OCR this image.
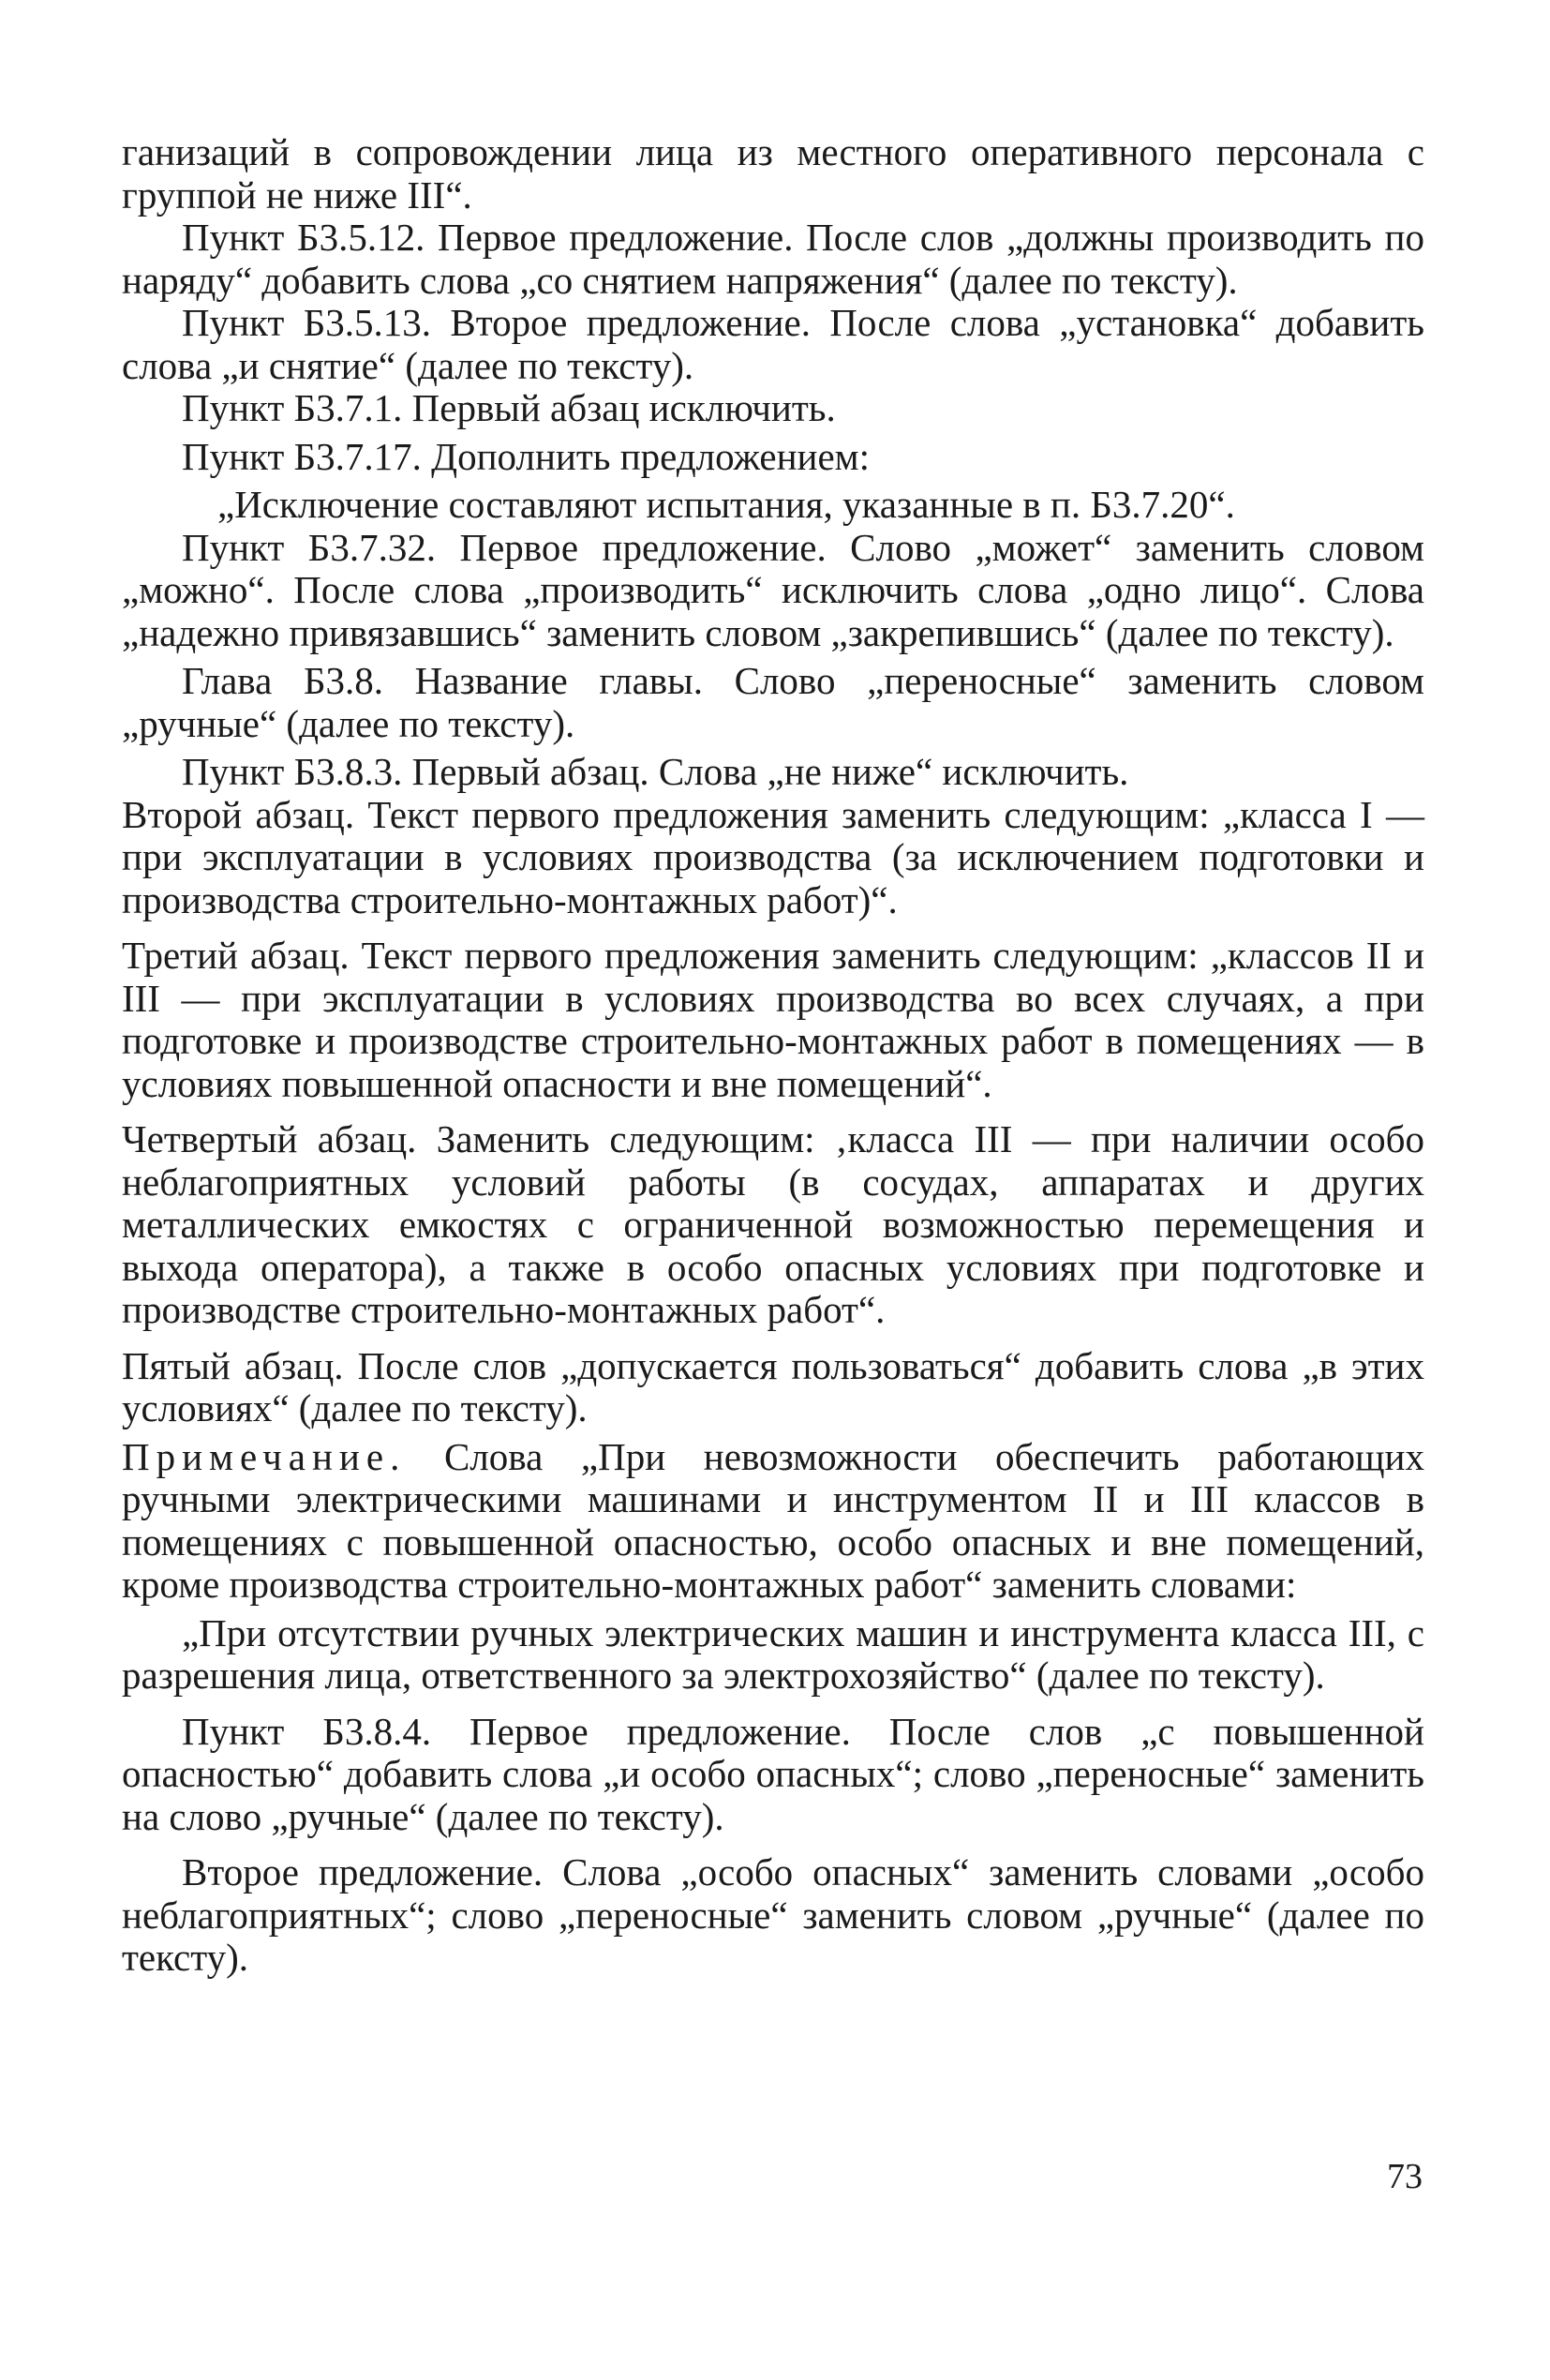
ганизаций в сопровождении лица из местного оперативного персонала с группой не ниже III“.

Пункт Б3.5.12. Первое предложение. После слов „должны производить по наряду“ добавить слова „со снятием напряжения“ (далее по тексту).

Пункт Б3.5.13. Второе предложение. После слова „установка“ добавить слова „и снятие“ (далее по тексту).

Пункт Б3.7.1. Первый абзац исключить.

Пункт Б3.7.17. Дополнить предложением:

„Исключение составляют испытания, указанные в п. Б3.7.20“.

Пункт Б3.7.32. Первое предложение. Слово „может“ заменить словом „можно“. После слова „производить“ исключить слова „одно лицо“. Слова „надежно привязавшись“ заменить словом „закрепившись“ (далее по тексту).

Глава Б3.8. Название главы. Слово „переносные“ заменить словом „ручные“ (далее по тексту).

Пункт Б3.8.3. Первый абзац. Слова „не ниже“ исключить.

Второй абзац. Текст первого предложения заменить следующим: „класса I — при эксплуатации в условиях производства (за исключением подготовки и производства строительно-монтажных работ)“.

Третий абзац. Текст первого предложения заменить следующим: „классов II и III — при эксплуатации в условиях производства во всех случаях, а при подготовке и производстве строительно-монтажных работ в помещениях — в условиях повышенной опасности и вне помещений“.

Четвертый абзац. Заменить следующим: ‚класса III — при наличии особо неблагоприятных условий работы (в сосудах, аппаратах и других металлических емкостях с ограниченной возможностью перемещения и выхода оператора), а также в особо опасных условиях при подготовке и производстве строительно-монтажных работ“.

Пятый абзац. После слов „допускается пользоваться“ добавить слова „в этих условиях“ (далее по тексту).

Примечание. Слова „При невозможности обеспечить работающих ручными электрическими машинами и инструментом II и III классов в помещениях с повышенной опасностью, особо опасных и вне помещений, кроме производства строительно-монтажных работ“ заменить словами:

„При отсутствии ручных электрических машин и инструмента класса III, с разрешения лица, ответственного за электрохозяйство“ (далее по тексту).

Пункт Б3.8.4. Первое предложение. После слов „с повышенной опасностью“ добавить слова „и особо опасных“; слово „переносные“ заменить на слово „ручные“ (далее по тексту).

Второе предложение. Слова „особо опасных“ заменить словами „особо неблагоприятных“; слово „переносные“ заменить словом „ручные“ (далее по тексту).

73
